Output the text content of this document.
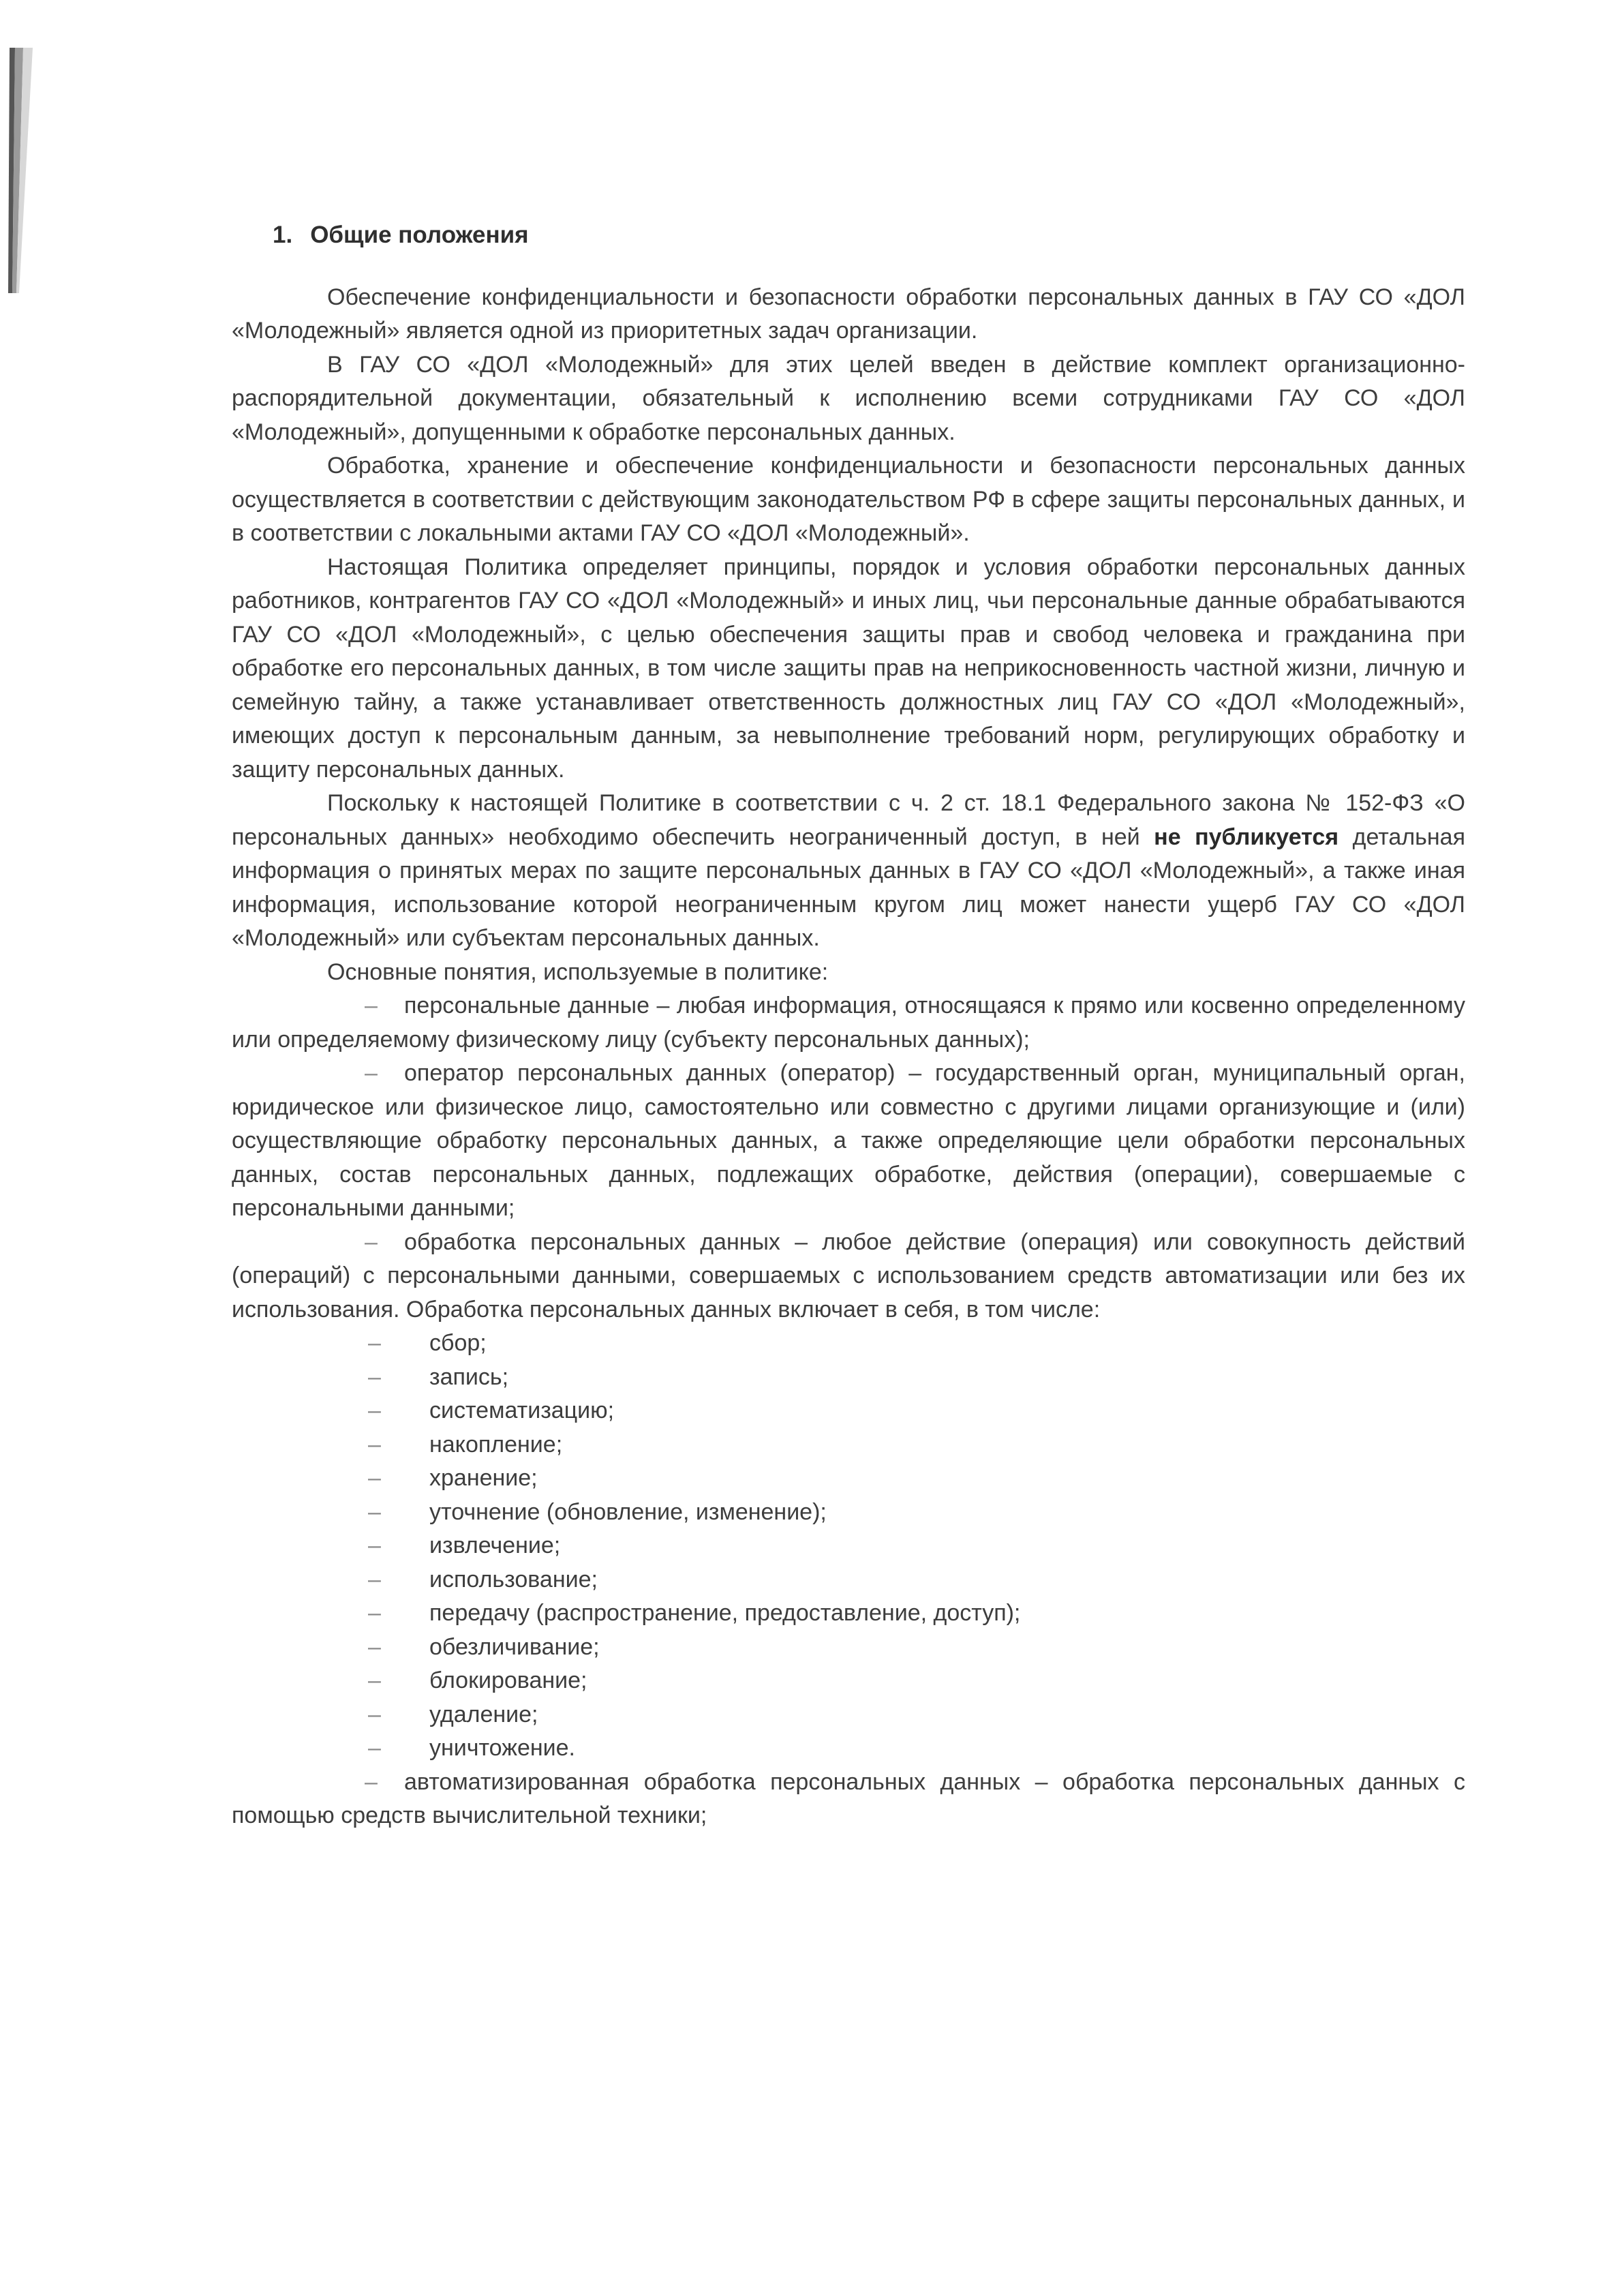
1. Общие положения

Обеспечение конфиденциальности и безопасности обработки персональных данных в ГАУ СО «ДОЛ «Молодежный» является одной из приоритетных задач организации.

В ГАУ СО «ДОЛ «Молодежный» для этих целей введен в действие комплект организационно-распорядительной документации, обязательный к исполнению всеми сотрудниками ГАУ СО «ДОЛ «Молодежный», допущенными к обработке персональных данных.

Обработка, хранение и обеспечение конфиденциальности и безопасности персональных данных осуществляется в соответствии с действующим законодательством РФ в сфере защиты персональных данных, и в соответствии с локальными актами ГАУ СО «ДОЛ «Молодежный».

Настоящая Политика определяет принципы, порядок и условия обработки персональных данных работников, контрагентов ГАУ СО «ДОЛ «Молодежный» и иных лиц, чьи персональные данные обрабатываются ГАУ СО «ДОЛ «Молодежный», с целью обеспечения защиты прав и свобод человека и гражданина при обработке его персональных данных, в том числе защиты прав на неприкосновенность частной жизни, личную и семейную тайну, а также устанавливает ответственность должностных лиц ГАУ СО «ДОЛ «Молодежный», имеющих доступ к персональным данным, за невыполнение требований норм, регулирующих обработку и защиту персональных данных.

Поскольку к настоящей Политике в соответствии с ч. 2 ст. 18.1 Федерального закона № 152-ФЗ «О персональных данных» необходимо обеспечить неограниченный доступ, в ней не публикуется детальная информация о принятых мерах по защите персональных данных в ГАУ СО «ДОЛ «Молодежный», а также иная информация, использование которой неограниченным кругом лиц может нанести ущерб ГАУ СО «ДОЛ «Молодежный» или субъектам персональных данных.

Основные понятия, используемые в политике:

– персональные данные – любая информация, относящаяся к прямо или косвенно определенному или определяемому физическому лицу (субъекту персональных данных);

– оператор персональных данных (оператор) – государственный орган, муниципальный орган, юридическое или физическое лицо, самостоятельно или совместно с другими лицами организующие и (или) осуществляющие обработку персональных данных, а также определяющие цели обработки персональных данных, состав персональных данных, подлежащих обработке, действия (операции), совершаемые с персональными данными;

– обработка персональных данных – любое действие (операция) или совокупность действий (операций) с персональными данными, совершаемых с использованием средств автоматизации или без их использования. Обработка персональных данных включает в себя, в том числе:

– сбор;
– запись;
– систематизацию;
– накопление;
– хранение;
– уточнение (обновление, изменение);
– извлечение;
– использование;
– передачу (распространение, предоставление, доступ);
– обезличивание;
– блокирование;
– удаление;
– уничтожение.

– автоматизированная обработка персональных данных – обработка персональных данных с помощью средств вычислительной техники;
